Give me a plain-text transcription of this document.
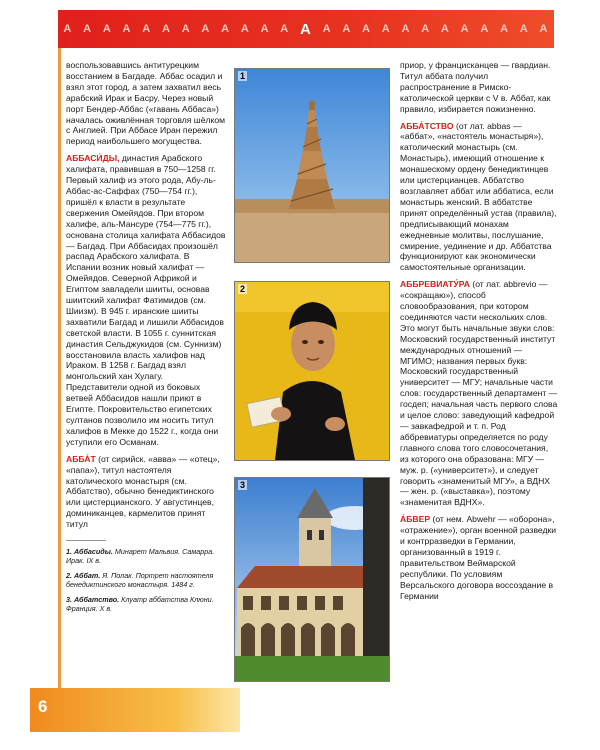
А А А А А А А А А А А А А А А А А А А А А А А А А

воспользовавшись антитурецким восстанием в Багдаде. Аббас осадил и взял этот город, а затем захватил весь арабский Ирак и Басру. Через новый порт Бендер-Аббас («гавань Аббаса») началась оживлённая торговля шёлком с Англией. При Аббасе Иран пережил период наибольшего могущества.

АББАСИ́ДЫ, династия Арабского халифата, правившая в 750—1258 гг. Первый халиф из этого рода, Абу-ль-Аббас-ас-Саффах (750—754 гг.), пришёл к власти в результате свержения Омейядов. При втором халифе, аль-Мансуре (754—775 гг.), основана столица халифата Аббасидов — Багдад. При Аббасидах произошёл распад Арабского халифата. В Испании возник новый халифат — Омейядов. Северной Африкой и Египтом завладели шииты, основав шиитский халифат Фатимидов (см. Шиизм). В 945 г. иранские шииты захватили Багдад и лишили Аббасидов светской власти. В 1055 г. суннитская династия Сельджукидов (см. Суннизм) восстановила власть халифов над Ираком. В 1258 г. Багдад взял монгольский хан Хулагу. Представители одной из боковых ветвей Аббасидов нашли приют в Египте. Покровительство египетских султанов позволило им носить титул халифов в Мекке до 1522 г., когда они уступили его Османам.

АББА́Т (от сирийск. «авва» — «отец», «папа»), титул настоятеля католического монастыря (см. Аббатство), обычно бенедиктинского или цистерцианского. У августинцев, доминиканцев, кармелитов принят титул

1. Аббасиды. Минарет Мальвия. Самарра. Ирак. IX в.

2. Аббат. Я. Полак. Портрет настоятеля бенедиктинского монастыря. 1484 г.

3. Аббатство. Клуатр аббатства Клюни. Франция. X в.

1
2
3

приор, у францисканцев — гвардиан. Титул аббата получил распространение в Римско-католической церкви с V в. Аббат, как правило, избирается пожизненно.

АББА́ТСТВО (от лат. abbas — «аббат», «настоятель монастыря»), католический монастырь (см. Монастырь), имеющий отношение к монашескому ордену бенедиктинцев или цистерцианцев. Аббатство возглавляет аббат или аббатиса, если монастырь женский. В аббатстве принят определённый устав (правила), предписывающий монахам ежедневные молитвы, послушание, смирение, уединение и др. Аббатства функционируют как экономически самостоятельные организации.

АББРЕВИАТУ́РА (от лат. abbrevio — «сокращаю»), способ словообразования, при котором соединяются части нескольких слов. Это могут быть начальные звуки слов: Московский государственный институт международных отношений — МГИМО; названия первых букв: Московский государственный университет — МГУ; начальные части слов: государственный департамент — госдеп; начальная часть первого слова и целое слово: заведующий кафедрой — завкафедрой и т. п. Род аббревиатуры определяется по роду главного слова того словосочетания, из которого она образована: МГУ — муж. р. («университет»), и следует говорить «знаменитый МГУ», а ВДНХ — жен. р. («выставка»), поэтому «знаменитая ВДНХ».

А́БВЕР (от нем. Abwehr — «оборона», «отражение»), орган военной разведки и контрразведки в Германии, организованный в 1919 г. правительством Веймарской республики. По условиям Версальского договора воссоздание в Германии

6
